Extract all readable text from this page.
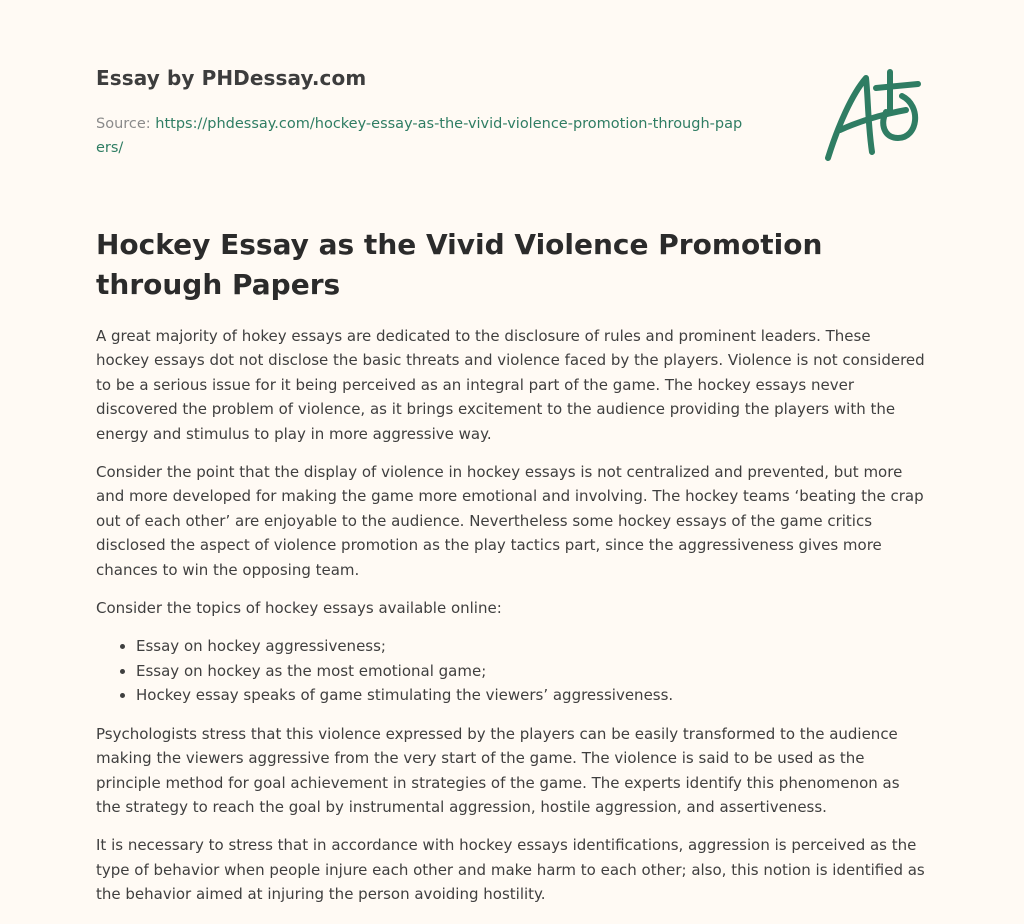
Essay by PHDessay.com
Source: https://phdessay.com/hockey-essay-as-the-vivid-violence-promotion-through-papers/
Hockey Essay as the Vivid Violence Promotion through Papers

A great majority of hokey essays are dedicated to the disclosure of rules and prominent leaders. These hockey essays dot not disclose the basic threats and violence faced by the players. Violence is not considered to be a serious issue for it being perceived as an integral part of the game. The hockey essays never discovered the problem of violence, as it brings excitement to the audience providing the players with the energy and stimulus to play in more aggressive way.

Consider the point that the display of violence in hockey essays is not centralized and prevented, but more and more developed for making the game more emotional and involving. The hockey teams ‘beating the crap out of each other’ are enjoyable to the audience. Nevertheless some hockey essays of the game critics disclosed the aspect of violence promotion as the play tactics part, since the aggressiveness gives more chances to win the opposing team.

Consider the topics of hockey essays available online:

• Essay on hockey aggressiveness;
• Essay on hockey as the most emotional game;
• Hockey essay speaks of game stimulating the viewers’ aggressiveness.

Psychologists stress that this violence expressed by the players can be easily transformed to the audience making the viewers aggressive from the very start of the game. The violence is said to be used as the principle method for goal achievement in strategies of the game. The experts identify this phenomenon as the strategy to reach the goal by instrumental aggression, hostile aggression, and assertiveness.

It is necessary to stress that in accordance with hockey essays identifications, aggression is perceived as the type of behavior when people injure each other and make harm to each other; also, this notion is identified as the behavior aimed at injuring the person avoiding hostility.
